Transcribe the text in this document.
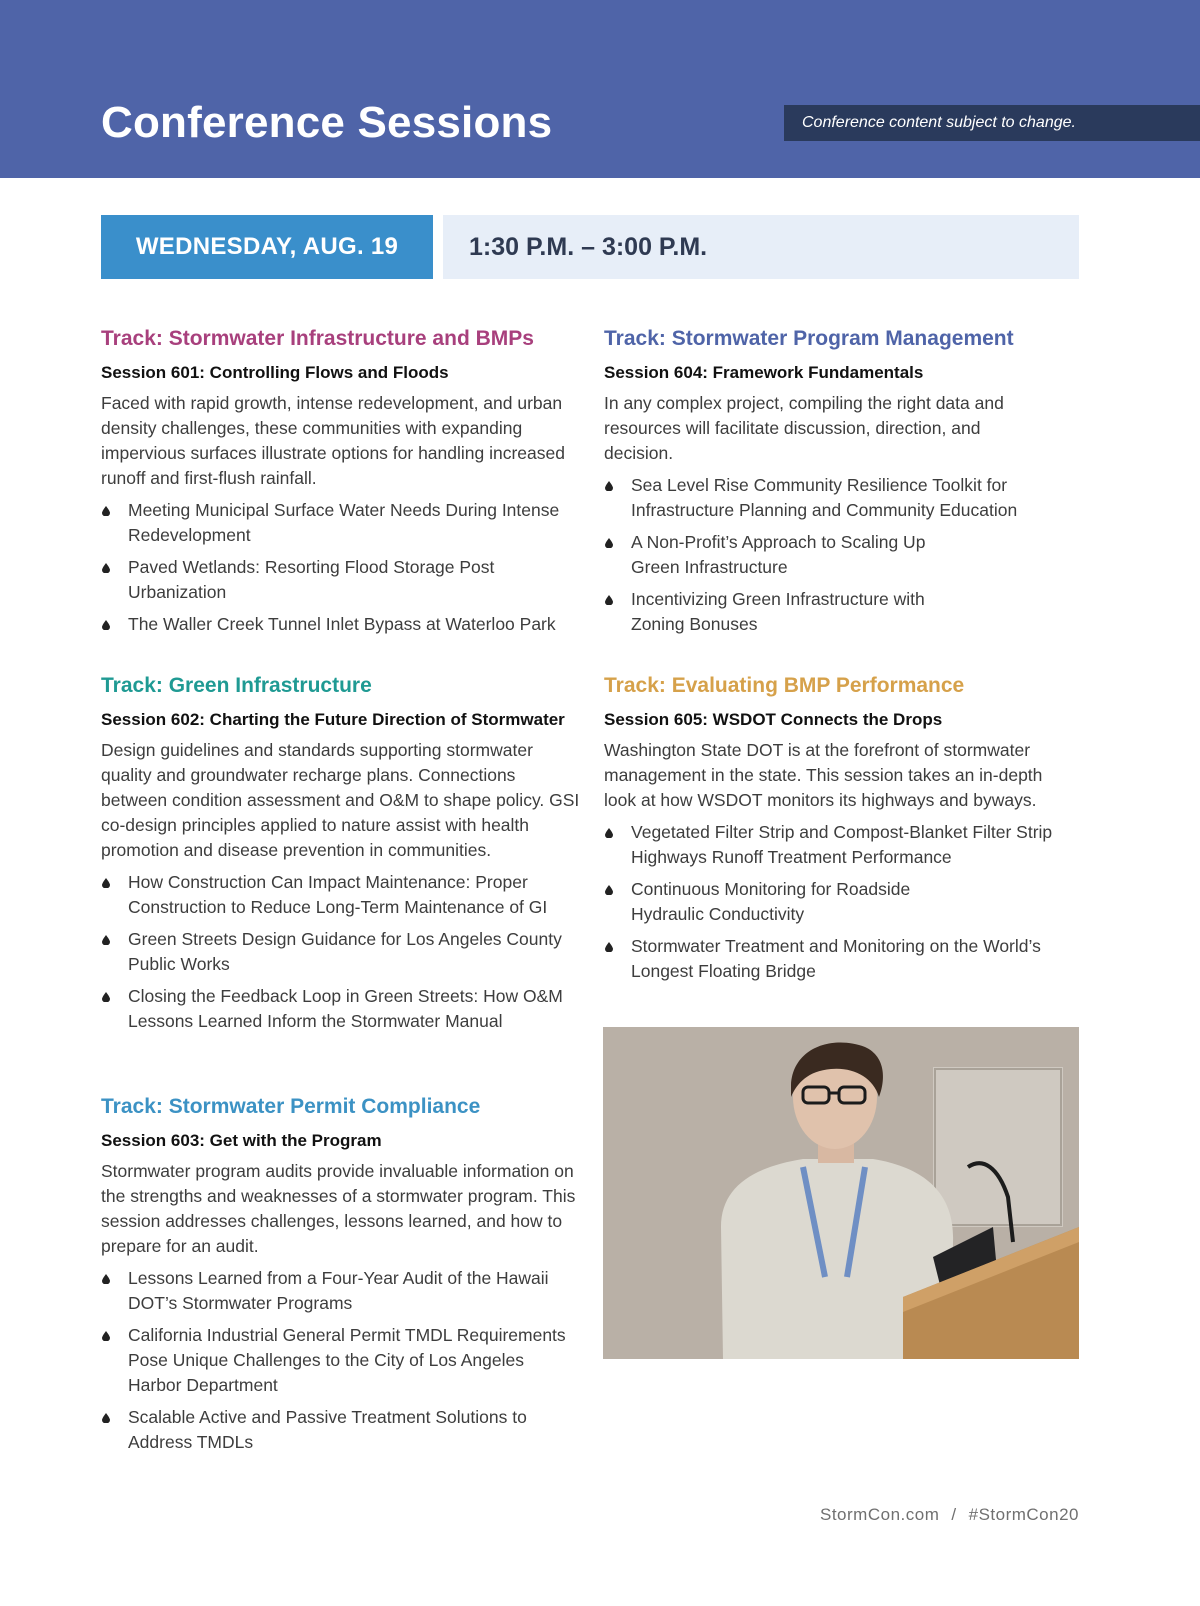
Conference Sessions	Conference content subject to change.
WEDNESDAY, AUG. 19	1:30 P.M. – 3:00 P.M.
Track: Stormwater Infrastructure and BMPs
Session 601: Controlling Flows and Floods
Faced with rapid growth, intense redevelopment, and urban density challenges, these communities with expanding impervious surfaces illustrate options for handling increased runoff and first-flush rainfall.
Meeting Municipal Surface Water Needs During Intense Redevelopment
Paved Wetlands: Resorting Flood Storage Post Urbanization
The Waller Creek Tunnel Inlet Bypass at Waterloo Park
Track: Green Infrastructure
Session 602: Charting the Future Direction of Stormwater
Design guidelines and standards supporting stormwater quality and groundwater recharge plans. Connections between condition assessment and O&M to shape policy. GSI co-design principles applied to nature assist with health promotion and disease prevention in communities.
How Construction Can Impact Maintenance: Proper Construction to Reduce Long-Term Maintenance of GI
Green Streets Design Guidance for Los Angeles County Public Works
Closing the Feedback Loop in Green Streets: How O&M Lessons Learned Inform the Stormwater Manual
Track: Stormwater Permit Compliance
Session 603: Get with the Program
Stormwater program audits provide invaluable information on the strengths and weaknesses of a stormwater program. This session addresses challenges, lessons learned, and how to prepare for an audit.
Lessons Learned from a Four-Year Audit of the Hawaii DOT’s Stormwater Programs
California Industrial General Permit TMDL Requirements Pose Unique Challenges to the City of Los Angeles Harbor Department
Scalable Active and Passive Treatment Solutions to Address TMDLs
Track: Stormwater Program Management
Session 604: Framework Fundamentals
In any complex project, compiling the right data and resources will facilitate discussion, direction, and decision.
Sea Level Rise Community Resilience Toolkit for Infrastructure Planning and Community Education
A Non-Profit’s Approach to Scaling Up Green Infrastructure
Incentivizing Green Infrastructure with Zoning Bonuses
Track: Evaluating BMP Performance
Session 605: WSDOT Connects the Drops
Washington State DOT is at the forefront of stormwater management in the state. This session takes an in-depth look at how WSDOT monitors its highways and byways.
Vegetated Filter Strip and Compost-Blanket Filter Strip Highways Runoff Treatment Performance
Continuous Monitoring for Roadside Hydraulic Conductivity
Stormwater Treatment and Monitoring on the World’s Longest Floating Bridge
StormCon.com / #StormCon20
